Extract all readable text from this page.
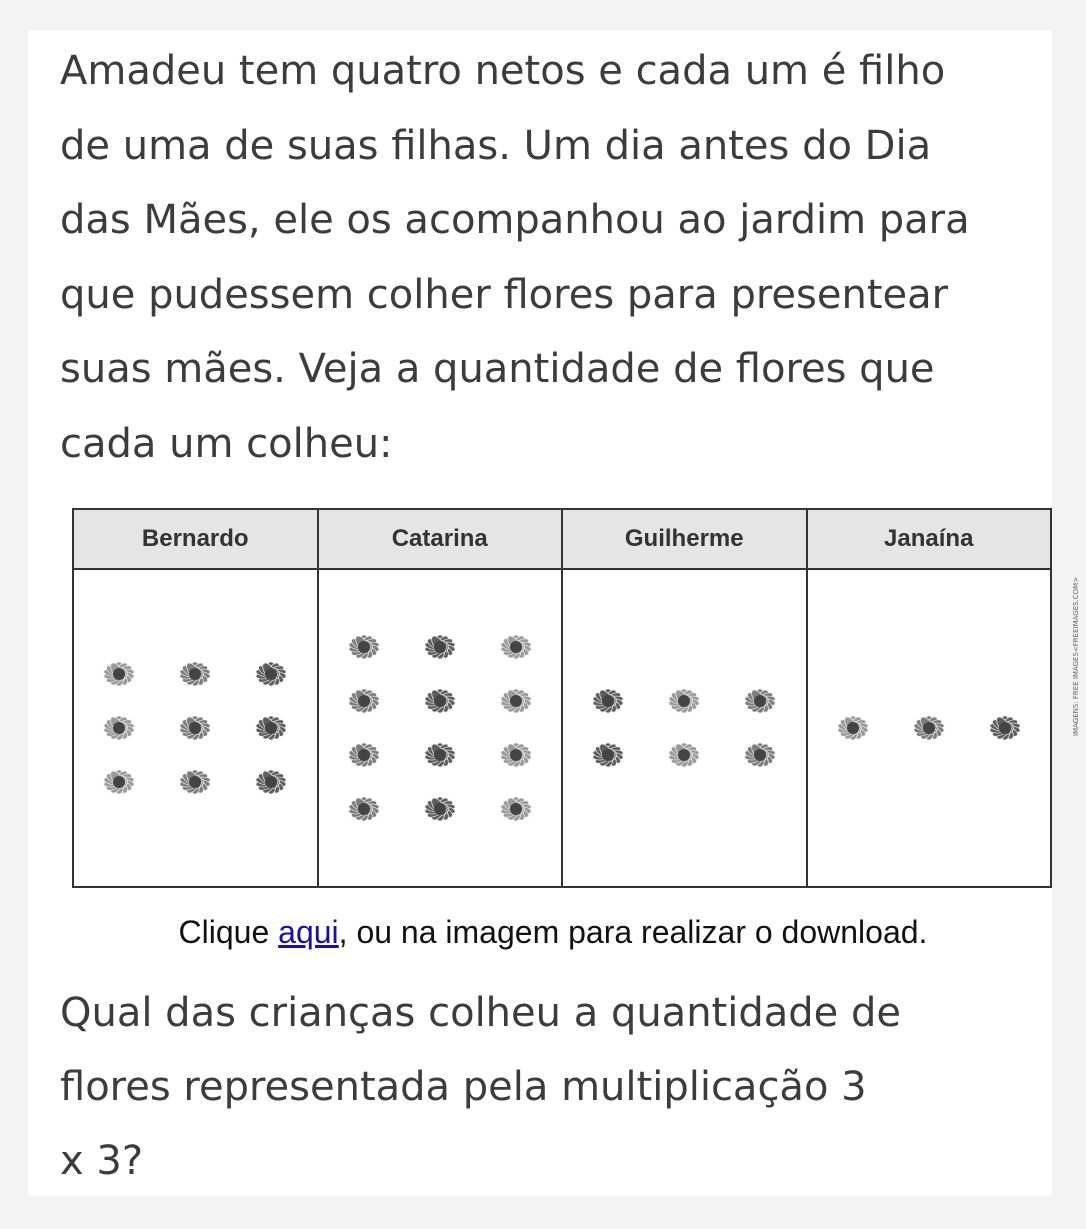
Amadeu tem quatro netos e cada um é filho
de uma de suas filhas. Um dia antes do Dia
das Mães, ele os acompanhou ao jardim para
que pudessem colher flores para presentear
suas mães. Veja a quantidade de flores que
cada um colheu:
Bernardo	Catarina	Guilherme	Janaína

IMAGENS: FREE IMAGES<FREEIMAGES.COM>
Clique aqui, ou na imagem para realizar o download.
Qual das crianças colheu a quantidade de
flores representada pela multiplicação 3
x 3?
